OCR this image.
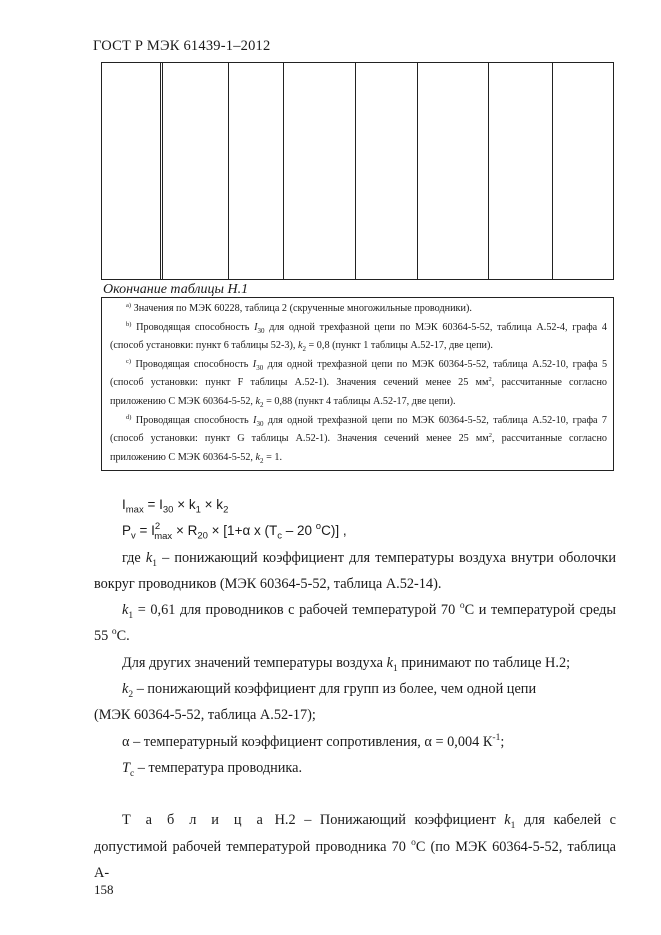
ГОСТ Р МЭК 61439-1–2012
Окончание таблицы Н.1

$^{а)}$ Значения по МЭК 60228, таблица 2 (скрученные многожильные проводники).

$^{b)}$ Проводящая способность $I_{30}$ для одной трехфазной цепи по МЭК 60364-5-52, таблица А.52-4, графа 4 (способ установки: пункт 6 таблицы 52-3), $k_2 = 0,8$ (пункт 1 таблицы А.52-17, две цепи).

$^{c)}$ Проводящая способность $I_{30}$ для одной трехфазной цепи по МЭК 60364-5-52, таблица А.52-10, графа 5 (способ установки: пункт F таблицы А.52-1). Значения сечений менее 25 $мм^2$, рассчитанные согласно приложению С МЭК 60364-5-52, $k_2 = 0,88$ (пункт 4 таблицы А.52-17, две цепи).

$^{d)}$ Проводящая способность $I_{30}$ для одной трехфазной цепи по МЭК 60364-5-52, таблица А.52-10, графа 7 (способ установки: пункт G таблицы А.52-1). Значения сечений менее 25 $мм^2$, рассчитанные согласно приложению С МЭК 60364-5-52, $k_2 = 1$.

$I_{max} = I_{30} \times k_1 \times k_2$

$P_v = I^2_{max} \times R_{20} \times [1+\alpha$ x ($T_c - 20$ $^o$C)] ,

где $k_1$ – понижающий коэффициент для температуры воздуха внутри оболочки вокруг проводников (МЭК 60364-5-52, таблица А.52-14).

$k_1 = 0,61$ для проводников с рабочей температурой 70 $^о$С и температурой среды 55 $^о$С.

Для других значений температуры воздуха $k_1$ принимают по таблице Н.2;

$k_2$ – понижающий коэффициент для групп из более, чем одной цепи

(МЭК 60364-5-52, таблица А.52-17);

α – температурный коэффициент сопротивления, α = 0,004 $К^{-1}$;

$T_c$ – температура проводника.

Т а б л и ц а Н.2 – Понижающий коэффициент $k_1$ для кабелей с допустимой рабочей температурой проводника 70 $^о$С (по МЭК 60364-5-52, таблица А-

158
